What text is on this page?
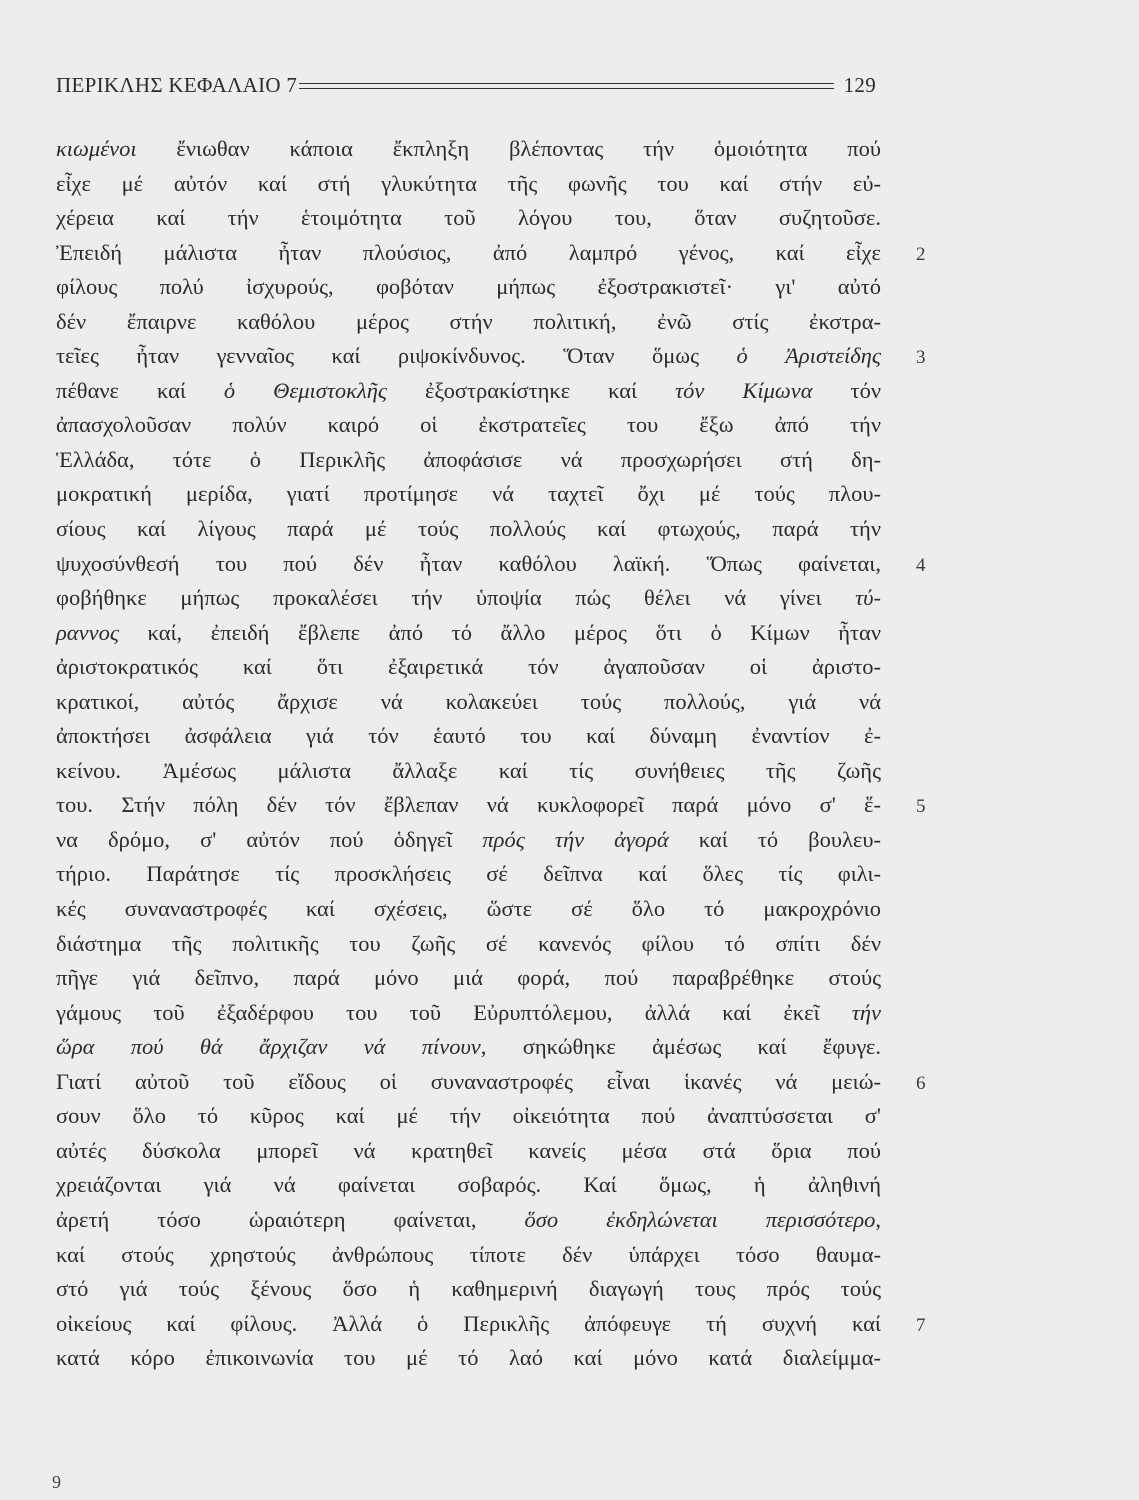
ΠΕΡΙΚΛΗΣ ΚΕΦΑΛΑΙΟ 7	129
κιωμένοι ἔνιωθαν κάποια ἔκπληξη βλέποντας τήν ὁμοιότητα πού
εἶχε μέ αὐτόν καί στή γλυκύτητα τῆς φωνῆς του καί στήν εὐ-
χέρεια καί τήν ἑτοιμότητα τοῦ λόγου του, ὅταν συζητοῦσε.
Ἐπειδή μάλιστα ἦταν πλούσιος, ἀπό λαμπρό γένος, καί εἶχε
φίλους πολύ ἰσχυρούς, φοβόταν μήπως ἐξοστρακιστεῖ· γι' αὐτό
δέν ἔπαιρνε καθόλου μέρος στήν πολιτική, ἐνῶ στίς ἐκστρα-
τεῖες ἦταν γενναῖος καί ριψοκίνδυνος. Ὅταν ὅμως ὁ Ἀριστείδης
πέθανε καί ὁ Θεμιστοκλῆς ἐξοστρακίστηκε καί τόν Κίμωνα τόν
ἀπασχολοῦσαν πολύν καιρό οἱ ἐκστρατεῖες του ἔξω ἀπό τήν
Ἑλλάδα, τότε ὁ Περικλῆς ἀποφάσισε νά προσχωρήσει στή δη-
μοκρατική μερίδα, γιατί προτίμησε νά ταχτεῖ ὄχι μέ τούς πλου-
σίους καί λίγους παρά μέ τούς πολλούς καί φτωχούς, παρά τήν
ψυχοσύνθεσή του πού δέν ἦταν καθόλου λαϊκή. Ὅπως φαίνεται,
φοβήθηκε μήπως προκαλέσει τήν ὑποψία πώς θέλει νά γίνει τύ-
ραννος καί, ἐπειδή ἔβλεπε ἀπό τό ἄλλο μέρος ὅτι ὁ Κίμων ἦταν
ἀριστοκρατικός καί ὅτι ἐξαιρετικά τόν ἀγαποῦσαν οἱ ἀριστο-
κρατικοί, αὐτός ἄρχισε νά κολακεύει τούς πολλούς, γιά νά
ἀποκτήσει ἀσφάλεια γιά τόν ἑαυτό του καί δύναμη ἐναντίον ἐ-
κείνου. Ἀμέσως μάλιστα ἄλλαξε καί τίς συνήθειες τῆς ζωῆς
του. Στήν πόλη δέν τόν ἔβλεπαν νά κυκλοφορεῖ παρά μόνο σ' ἕ-
να δρόμο, σ' αὐτόν πού ὁδηγεῖ πρός τήν ἀγορά καί τό βουλευ-
τήριο. Παράτησε τίς προσκλήσεις σέ δεῖπνα καί ὅλες τίς φιλι-
κές συναναστροφές καί σχέσεις, ὥστε σέ ὅλο τό μακροχρόνιο
διάστημα τῆς πολιτικῆς του ζωῆς σέ κανενός φίλου τό σπίτι δέν
πῆγε γιά δεῖπνο, παρά μόνο μιά φορά, πού παραβρέθηκε στούς
γάμους τοῦ ἐξαδέρφου του τοῦ Εὐρυπτόλεμου, ἀλλά καί ἐκεῖ τήν
ὥρα πού θά ἄρχιζαν νά πίνουν, σηκώθηκε ἀμέσως καί ἔφυγε.
Γιατί αὐτοῦ τοῦ εἴδους οἱ συναναστροφές εἶναι ἱκανές νά μειώ-
σουν ὅλο τό κῦρος καί μέ τήν οἰκειότητα πού ἀναπτύσσεται σ'
αὐτές δύσκολα μπορεῖ νά κρατηθεῖ κανείς μέσα στά ὅρια πού
χρειάζονται γιά νά φαίνεται σοβαρός. Καί ὅμως, ἡ ἀληθινή
ἀρετή τόσο ὡραιότερη φαίνεται, ὅσο ἐκδηλώνεται περισσότερο,
καί στούς χρηστούς ἀνθρώπους τίποτε δέν ὑπάρχει τόσο θαυμα-
στό γιά τούς ξένους ὅσο ἡ καθημερινή διαγωγή τους πρός τούς
οἰκείους καί φίλους. Ἀλλά ὁ Περικλῆς ἀπόφευγε τή συχνή καί
κατά κόρο ἐπικοινωνία του μέ τό λαό καί μόνο κατά διαλείμμα-
2
3
4
5
6
7
9
